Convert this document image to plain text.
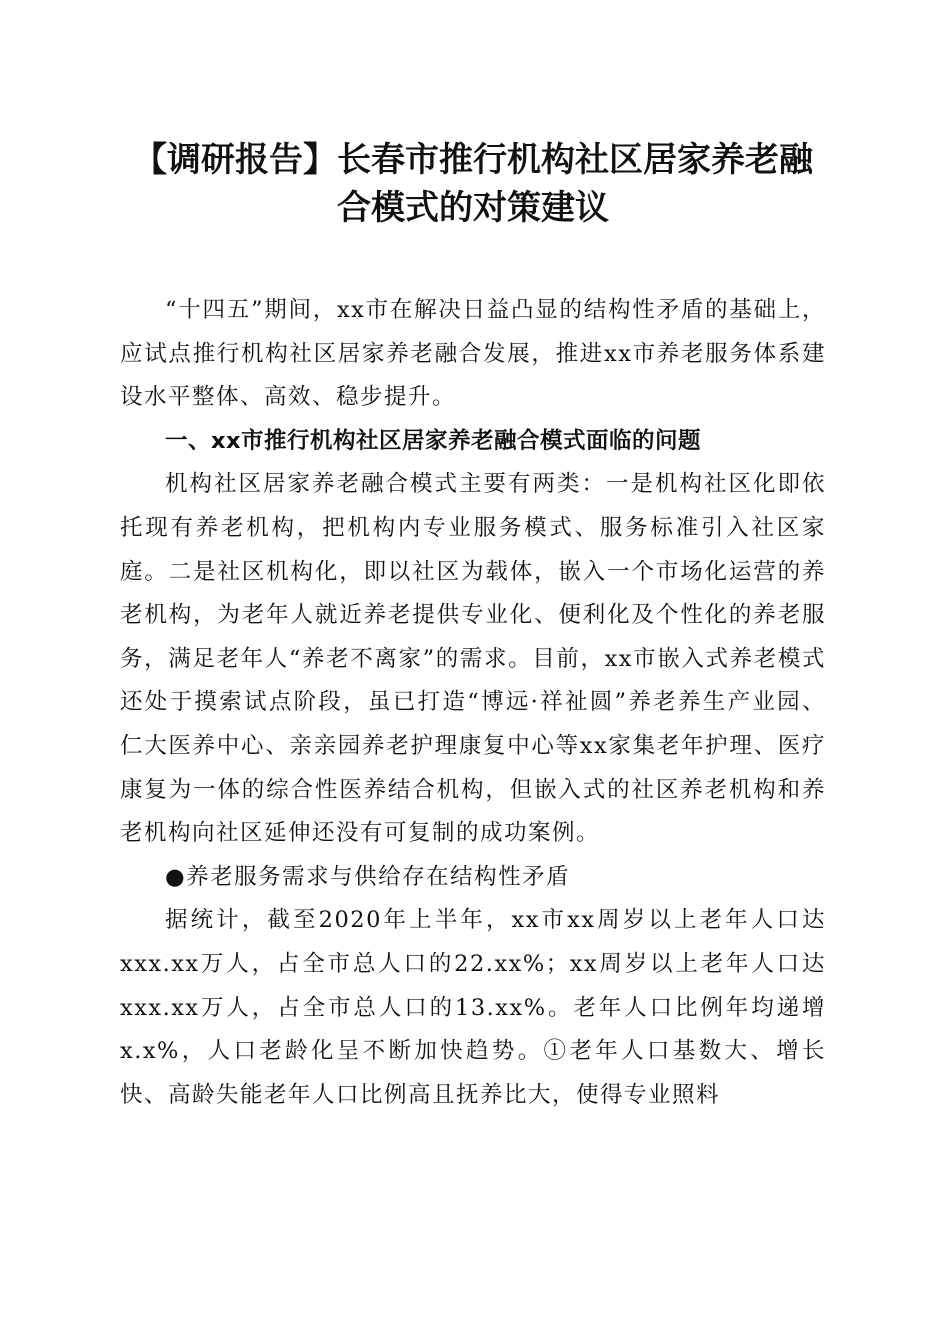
【调研报告】长春市推行机构社区居家养老融合模式的对策建议

“十四五”期间，xx市在解决日益凸显的结构性矛盾的基础上，应试点推行机构社区居家养老融合发展，推进xx市养老服务体系建设水平整体、高效、稳步提升。

一、xx市推行机构社区居家养老融合模式面临的问题

机构社区居家养老融合模式主要有两类：一是机构社区化即依托现有养老机构，把机构内专业服务模式、服务标准引入社区家庭。二是社区机构化，即以社区为载体，嵌入一个市场化运营的养老机构，为老年人就近养老提供专业化、便利化及个性化的养老服务，满足老年人“养老不离家”的需求。目前，xx市嵌入式养老模式还处于摸索试点阶段，虽已打造“博远·祥祉圆”养老养生产业园、仁大医养中心、亲亲园养老护理康复中心等xx家集老年护理、医疗康复为一体的综合性医养结合机构，但嵌入式的社区养老机构和养老机构向社区延伸还没有可复制的成功案例。

●养老服务需求与供给存在结构性矛盾

据统计，截至2020年上半年，xx市xx周岁以上老年人口达xxx.xx万人，占全市总人口的22.xx%；xx周岁以上老年人口达xxx.xx万人，占全市总人口的13.xx%。老年人口比例年均递增x.x%，人口老龄化呈不断加快趋势。①老年人口基数大、增长快、高龄失能老年人口比例高且抚养比大，使得专业照料
